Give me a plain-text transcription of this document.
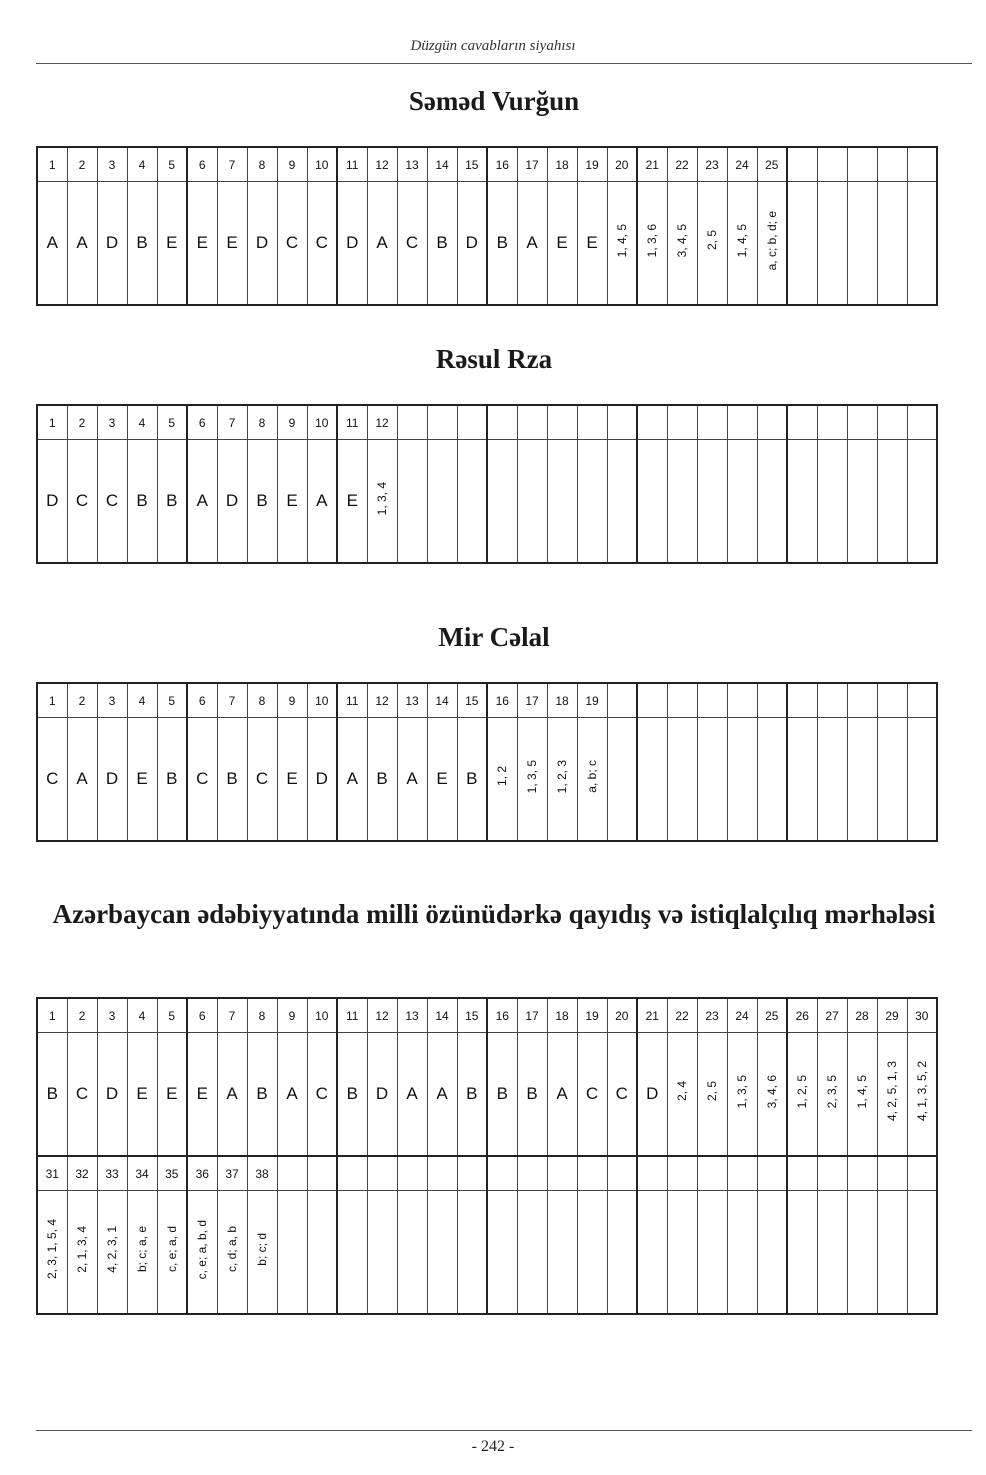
Düzgün cavabların siyahısı
Səməd Vurğun
1	2	3	4	5	6	7	8	9	10	11	12	13	14	15	16	17	18	19	20	21	22	23	24	25					
A	A	D	B	E	E	E	D	C	C	D	A	C	B	D	B	A	E	E	1, 4, 5	1, 3, 6	3, 4, 5	2, 5	1, 4, 5	a, c; b, d; e					
Rəsul Rza
1	2	3	4	5	6	7	8	9	10	11	12																		
D	C	C	B	B	A	D	B	E	A	E	1, 3, 4																		
Mir Cəlal
1	2	3	4	5	6	7	8	9	10	11	12	13	14	15	16	17	18	19											
C	A	D	E	B	C	B	C	E	D	A	B	A	E	B	1, 2	1, 3, 5	1, 2, 3	a, b; c											
Azərbaycan ədəbiyyatında milli özünüdərkə qayıdış və istiqlalçılıq mərhələsi
1	2	3	4	5	6	7	8	9	10	11	12	13	14	15	16	17	18	19	20	21	22	23	24	25	26	27	28	29	30
B	C	D	E	E	E	A	B	A	C	B	D	A	A	B	B	B	A	C	C	D	2, 4	2, 5	1, 3, 5	3, 4, 6	1, 2, 5	2, 3, 5	1, 4, 5	4, 2, 5, 1, 3	4, 1, 3, 5, 2
31	32	33	34	35	36	37	38																						
2, 3, 1, 5, 4	2, 1, 3, 4	4, 2, 3, 1	b; c; a, e	c, e; a, d	c, e; a, b, d	c, d; a, b	b; c; d																						
- 242 -
